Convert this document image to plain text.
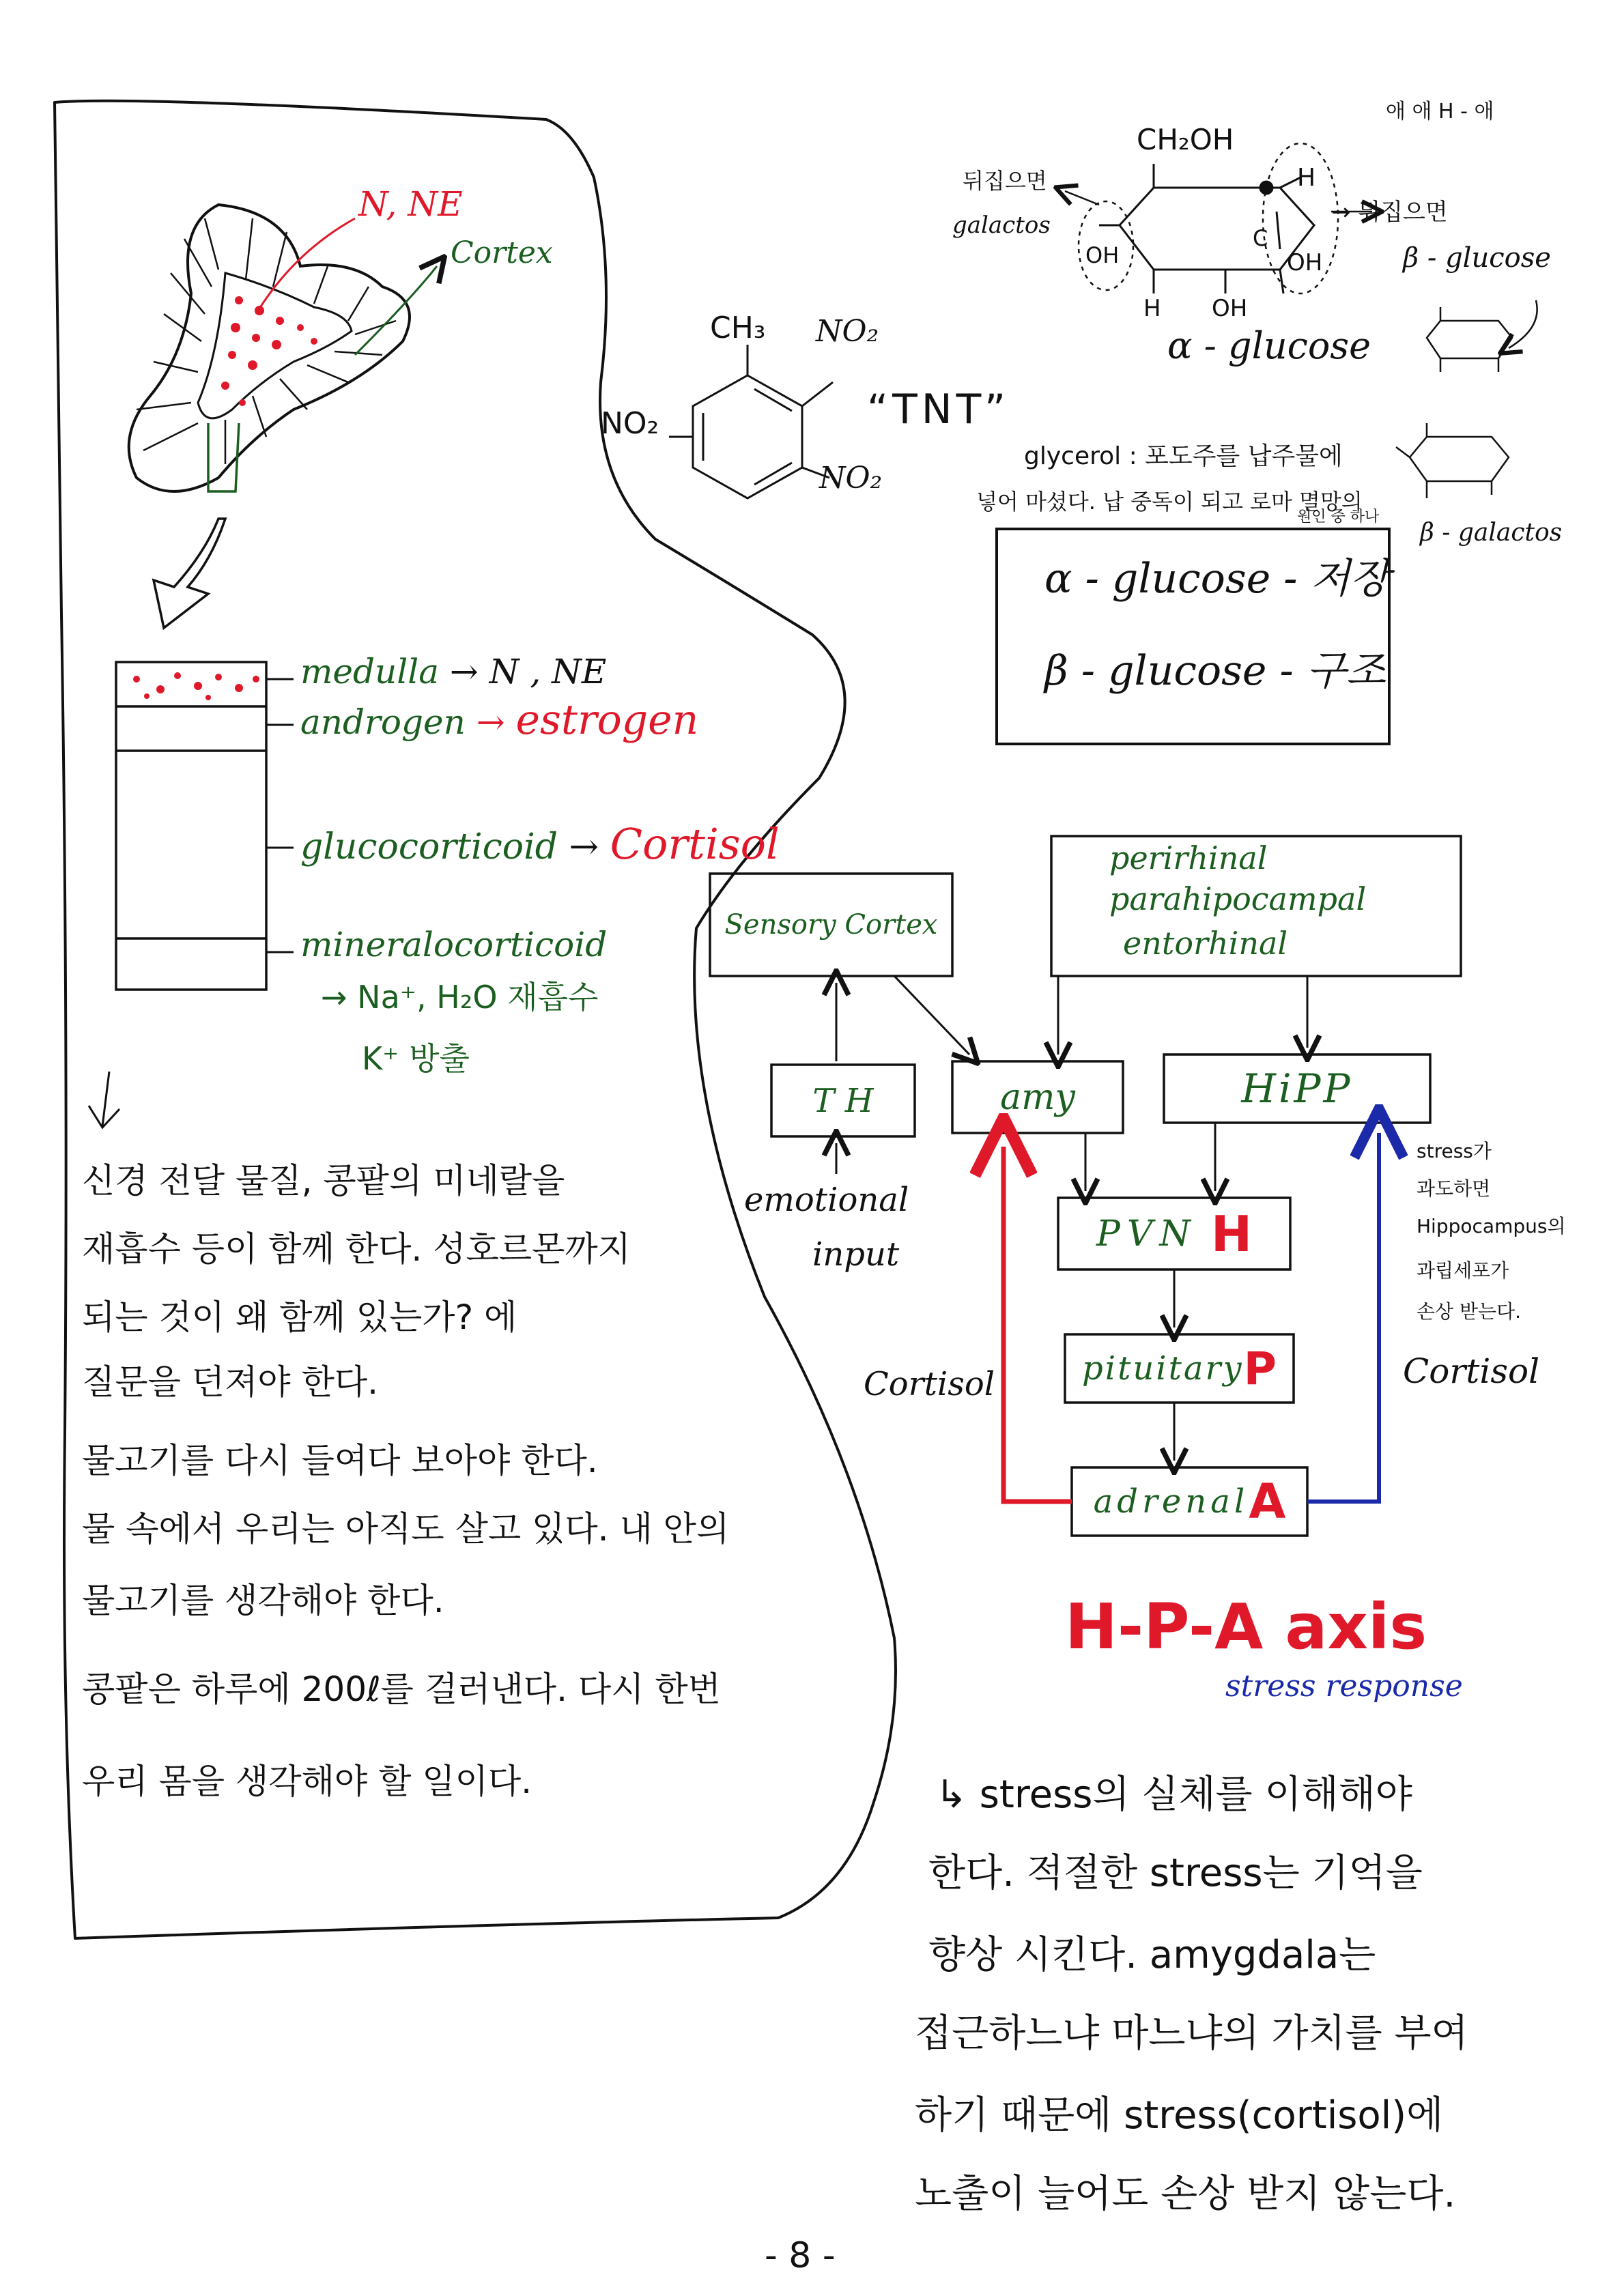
애 애 H - 애
N, NE
Cortex
medulla → N , NE
androgen → estrogen
glucocorticoid → Cortisol
mineralocorticoid
→ Na⁺, H₂O 재흡수
K⁺ 방출
신경 전달 물질, 콩팥의 미네랄을
재흡수 등이 함께 한다. 성호르몬까지
되는 것이 왜 함께 있는가? 에
질문을 던져야 한다.
물고기를 다시 들여다 보아야 한다.
물 속에서 우리는 아직도 살고 있다. 내 안의
물고기를 생각해야 한다.
콩팥은 하루에 200ℓ를 걸러낸다. 다시 한번
우리 몸을 생각해야 할 일이다.
CH₃ NO₂
NO₂
NO₂
“TNT”
CH₂OH
H
OH
OH
C
H OH
뒤집으면
galactos	→ 뒤집으면
β - glucose
α - glucose
β - galactos
glycerol : 포도주를 납주물에
넣어 마셨다. 납 중독이 되고 로마 멸망의
원인 중 하나
α - glucose - 저장
β - glucose - 구조
Sensory Cortex
perirhinal
parahipocampal
entorhinal
T H	amy	HiPP
emotional
input
PVN H
pituitary P
adrenal A
Cortisol	Cortisol
stress가
과도하면
Hippocampus의
과립세포가
손상 받는다.
H-P-A axis
stress response
↳ stress의 실체를 이해해야
한다. 적절한 stress는 기억을
향상 시킨다. amygdala는
접근하느냐 마느냐의 가치를 부여
하기 때문에 stress(cortisol)에
노출이 늘어도 손상 받지 않는다.
- 8 -
